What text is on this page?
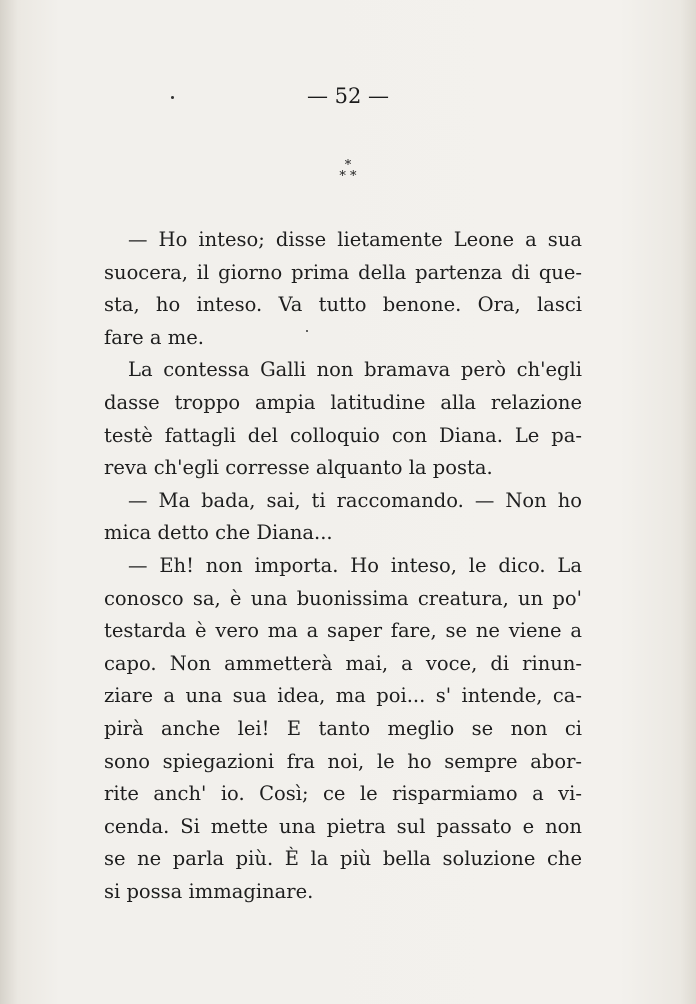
— 52 —
*
* *
— Ho inteso; disse lietamente Leone a sua
suocera, il giorno prima della partenza di que-
sta, ho inteso. Va tutto benone. Ora, lasci
fare a me.
La contessa Galli non bramava però ch'egli
dasse troppo ampia latitudine alla relazione
testè fattagli del colloquio con Diana. Le pa-
reva ch'egli corresse alquanto la posta.
— Ma bada, sai, ti raccomando. — Non ho
mica detto che Diana...
— Eh! non importa. Ho inteso, le dico. La
conosco sa, è una buonissima creatura, un po'
testarda è vero ma a saper fare, se ne viene a
capo. Non ammetterà mai, a voce, di rinun-
ziare a una sua idea, ma poi... s' intende, ca-
pirà anche lei! E tanto meglio se non ci
sono spiegazioni fra noi, le ho sempre abor-
rite anch' io. Così; ce le risparmiamo a vi-
cenda. Si mette una pietra sul passato e non
se ne parla più. È la più bella soluzione che
si possa immaginare.
